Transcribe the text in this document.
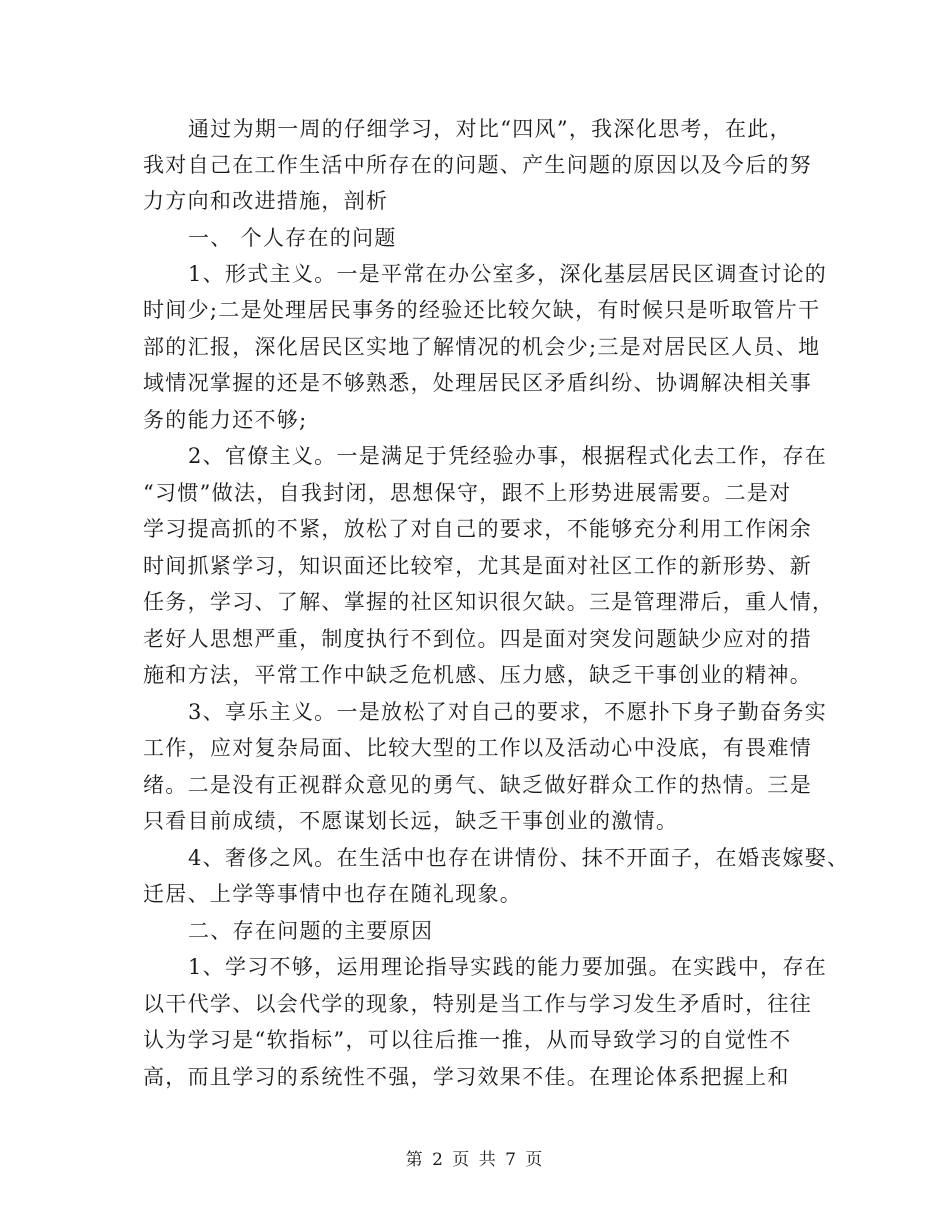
通过为期一周的仔细学习，对比“四风”，我深化思考，在此，
我对自己在工作生活中所存在的问题、产生问题的原因以及今后的努
力方向和改进措施，剖析
一、 个人存在的问题
1、形式主义。一是平常在办公室多，深化基层居民区调查讨论的
时间少;二是处理居民事务的经验还比较欠缺，有时候只是听取管片干
部的汇报，深化居民区实地了解情况的机会少;三是对居民区人员、地
域情况掌握的还是不够熟悉，处理居民区矛盾纠纷、协调解决相关事
务的能力还不够;
2、官僚主义。一是满足于凭经验办事，根据程式化去工作，存在
“习惯”做法，自我封闭，思想保守，跟不上形势进展需要。二是对
学习提高抓的不紧，放松了对自己的要求，不能够充分利用工作闲余
时间抓紧学习，知识面还比较窄，尤其是面对社区工作的新形势、新
任务，学习、了解、掌握的社区知识很欠缺。三是管理滞后，重人情，
老好人思想严重，制度执行不到位。四是面对突发问题缺少应对的措
施和方法，平常工作中缺乏危机感、压力感，缺乏干事创业的精神。
3、享乐主义。一是放松了对自己的要求，不愿扑下身子勤奋务实
工作，应对复杂局面、比较大型的工作以及活动心中没底，有畏难情
绪。二是没有正视群众意见的勇气、缺乏做好群众工作的热情。三是
只看目前成绩，不愿谋划长远，缺乏干事创业的激情。
4、奢侈之风。在生活中也存在讲情份、抹不开面子，在婚丧嫁娶、
迁居、上学等事情中也存在随礼现象。
二、存在问题的主要原因
1、学习不够，运用理论指导实践的能力要加强。在实践中，存在
以干代学、以会代学的现象，特别是当工作与学习发生矛盾时，往往
认为学习是“软指标”，可以往后推一推，从而导致学习的自觉性不
高，而且学习的系统性不强，学习效果不佳。在理论体系把握上和
第 2 页 共 7 页
